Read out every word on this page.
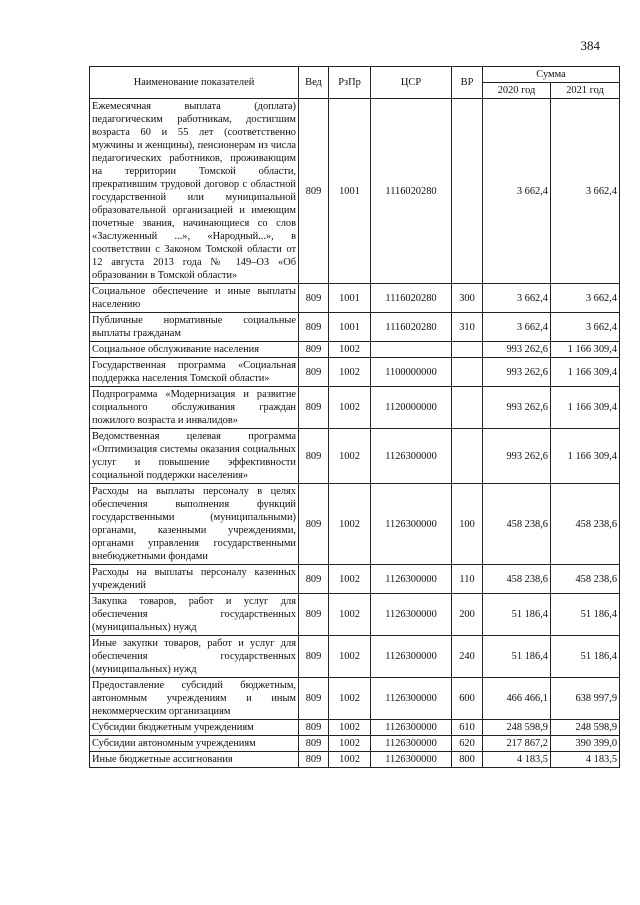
384
Наименование показателей	Вед	РзПр	ЦСР	ВР	Сумма	
					2020 год	2021 год
Ежемесячная выплата (доплата) педагогическим работникам, достигшим возраста 60 и 55 лет (соответственно мужчины и женщины), пенсионерам из числа педагогических работников, проживающим на территории Томской области, прекратившим трудовой договор с областной государственной или муниципальной образовательной организацией и имеющим почетные звания, начинающиеся со слов «Заслуженный ...», «Народный...», в соответствии с Законом Томской области от 12 августа 2013 года № 149–ОЗ «Об образовании в Томской области»	809	1001	1116020280		3 662,4	3 662,4
Социальное обеспечение и иные выплаты населению	809	1001	1116020280	300	3 662,4	3 662,4
Публичные нормативные социальные выплаты гражданам	809	1001	1116020280	310	3 662,4	3 662,4
Социальное обслуживание населения	809	1002			993 262,6	1 166 309,4
Государственная программа «Социальная поддержка населения Томской области»	809	1002	1100000000		993 262,6	1 166 309,4
Подпрограмма «Модернизация и развитие социального обслуживания граждан пожилого возраста и инвалидов»	809	1002	1120000000		993 262,6	1 166 309,4
Ведомственная целевая программа «Оптимизация системы оказания социальных услуг и повышение эффективности социальной поддержки населения»	809	1002	1126300000		993 262,6	1 166 309,4
Расходы на выплаты персоналу в целях обеспечения выполнения функций государственными (муниципальными) органами, казенными учреждениями, органами управления государственными внебюджетными фондами	809	1002	1126300000	100	458 238,6	458 238,6
Расходы на выплаты персоналу казенных учреждений	809	1002	1126300000	110	458 238,6	458 238,6
Закупка товаров, работ и услуг для обеспечения государственных (муниципальных) нужд	809	1002	1126300000	200	51 186,4	51 186,4
Иные закупки товаров, работ и услуг для обеспечения государственных (муниципальных) нужд	809	1002	1126300000	240	51 186,4	51 186,4
Предоставление субсидий бюджетным, автономным учреждениям и иным некоммерческим организациям	809	1002	1126300000	600	466 466,1	638 997,9
Субсидии бюджетным учреждениям	809	1002	1126300000	610	248 598,9	248 598,9
Субсидии автономным учреждениям	809	1002	1126300000	620	217 867,2	390 399,0
Иные бюджетные ассигнования	809	1002	1126300000	800	4 183,5	4 183,5
